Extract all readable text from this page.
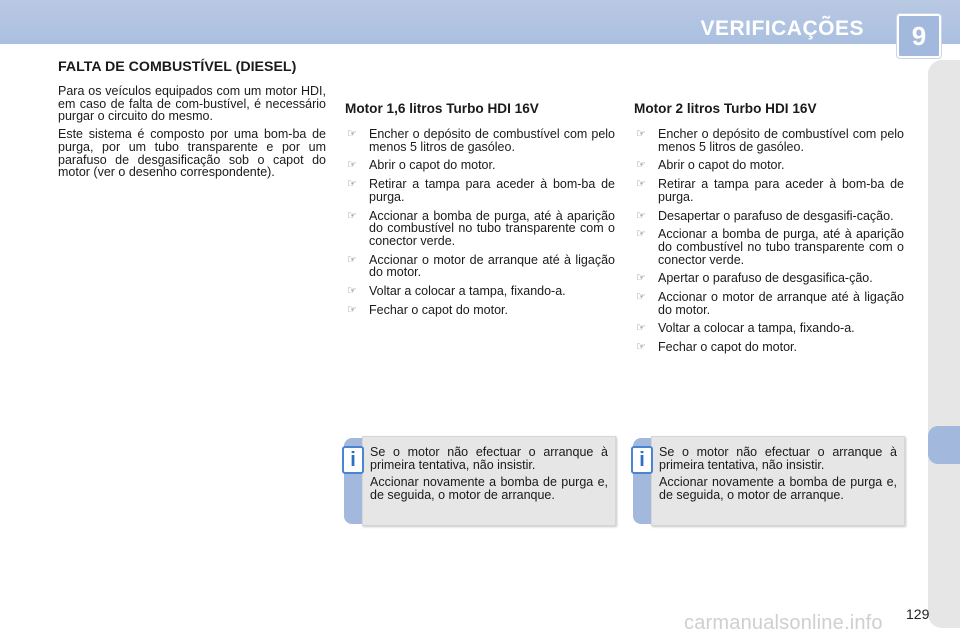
VERIFICAÇÕES	9
FALTA DE COMBUSTÍVEL (DIESEL)

Para os veículos equipados com um motor HDI, em caso de falta de com-bustível, é necessário purgar o circuito do mesmo.

Este sistema é composto por uma bom-ba de purga, por um tubo transparente e por um parafuso de desgasificação sob o capot do motor (ver o desenho correspondente).

Motor 1,6 litros Turbo HDI 16V
☞ Encher o depósito de combustível com pelo menos 5 litros de gasóleo.
☞ Abrir o capot do motor.
☞ Retirar a tampa para aceder à bom-ba de purga.
☞ Accionar a bomba de purga, até à aparição do combustível no tubo transparente com o conector verde.
☞ Accionar o motor de arranque até à ligação do motor.
☞ Voltar a colocar a tampa, fixando-a.
☞ Fechar o capot do motor.
Motor 2 litros Turbo HDI 16V
☞ Encher o depósito de combustível com pelo menos 5 litros de gasóleo.
☞ Abrir o capot do motor.
☞ Retirar a tampa para aceder à bom-ba de purga.
☞ Desapertar o parafuso de desgasifi-cação.
☞ Accionar a bomba de purga, até à aparição do combustível no tubo transparente com o conector verde.
☞ Apertar o parafuso de desgasifica-ção.
☞ Accionar o motor de arranque até à ligação do motor.
☞ Voltar a colocar a tampa, fixando-a.
☞ Fechar o capot do motor.

Se o motor não efectuar o arranque à primeira tentativa, não insistir.

Accionar novamente a bomba de purga e, de seguida, o motor de arranque.

i	Se o motor não efectuar o arranque à primeira tentativa, não insistir.

Accionar novamente a bomba de purga e, de seguida, o motor de arranque.

i
129
carmanualsonline.info
